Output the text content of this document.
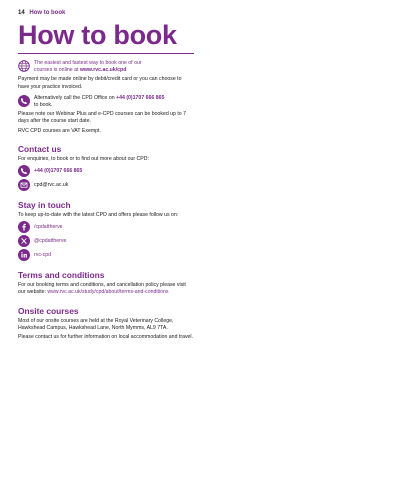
14 How to book
How to book
The easiest and fastest way to book one of our
courses is online at www.rvc.ac.uk/cpd

Payment may be made online by debit/credit card or you can choose to have your practice invoiced.

Alternatively call the CPD Office on +44 (0)1707 666 865
to book.

Please note our Webinar Plus and e-CPD courses can be booked up to 7 days after the course start date.

RVC CPD courses are VAT Exempt.

Contact us

For enquiries, to book or to find out more about our CPD:

+44 (0)1707 666 865
cpd@rvc.ac.uk
Stay in touch

To keep up-to-date with the latest CPD and offers please follow us on:

/cpdattherve
@cpdattherve
rvc-cpd
Terms and conditions

For our booking terms and conditions, and cancellation policy please visit our website: www.rvc.ac.uk/study/cpd/about/terms-and-conditions

Onsite courses

Most of our onsite courses are held at the Royal Veterinary College, Hawkshead Campus, Hawkshead Lane, North Mymms, AL9 7TA.

Please contact us for further information on local accommodation and travel.
